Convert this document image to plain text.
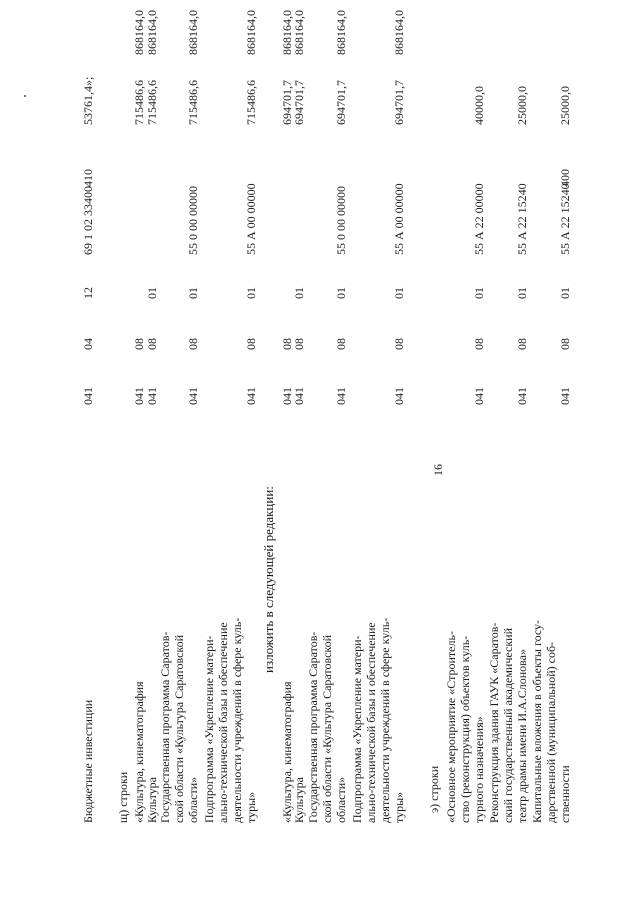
16
Бюджетные инвестиции
041
04
12
69 1 02 33400
410
53761,4»;
щ) строки «Культура, кинематография
041
08
715486,6
868164,0
Культура
041
08
01
715486,6
868164,0
Государственная программа Саратов- ской области «Культура Саратовской области»
041
08
01
55 0 00 00000
715486,6
868164,0
Подпрограмма «Укрепление матери- ально-технической базы и обеспечение деятельности учреждений в сфере куль- туры»
041
08
01
55 А 00 00000
715486,6
868164,0
изложить в следующей редакции:
«Культура, кинематография
041
08
694701,7
868164,0
Культура
041
08
01
694701,7
868164,0
Государственная программа Саратов- ской области «Культура Саратовской области»
041
08
01
55 0 00 00000
694701,7
868164,0
Подпрограмма «Укрепление матери- ально-технической базы и обеспечение деятельности учреждений в сфере куль- туры»
041
08
01
55 А 00 00000
694701,7
868164,0
э) строки «Основное мероприятие «Строитель- ство (реконструкция) объектов куль- турного назначения»
041
08
01
55 А 22 00000
40000,0
Реконструкция здания ГАУК «Саратов- ский государственный академический театр драмы имени И.А.Слонова»
041
08
01
55 А 22 15240
25000,0
Капитальные вложения в объекты госу- дарственной (муниципальной) соб- ственности
041
08
01
55 А 22 15240
400
25000,0
